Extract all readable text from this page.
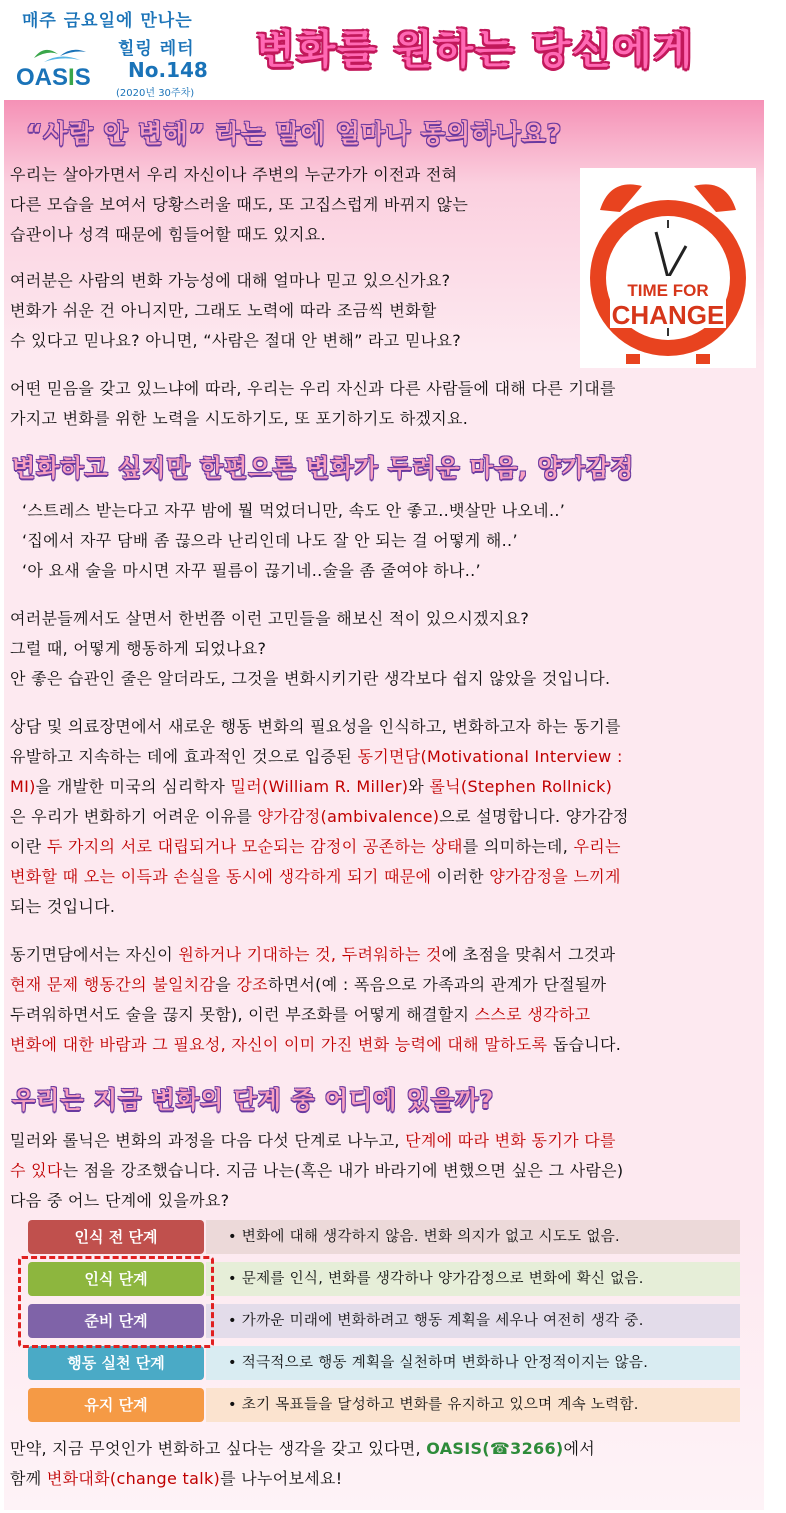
매주 금요일에 만나는
힐링 레터
OASIS No.148
(2020년 30주차)
변화를 원하는 당신에게
“사람 안 변해” 라는 말에 얼마나 동의하나요?
TIME FOR
CHANGE

우리는 살아가면서 우리 자신이나 주변의 누군가가 이전과 전혀

다른 모습을 보여서 당황스러울 때도, 또 고집스럽게 바뀌지 않는

습관이나 성격 때문에 힘들어할 때도 있지요.

여러분은 사람의 변화 가능성에 대해 얼마나 믿고 있으신가요?

변화가 쉬운 건 아니지만, 그래도 노력에 따라 조금씩 변화할

수 있다고 믿나요? 아니면, “사람은 절대 안 변해” 라고 믿나요?

어떤 믿음을 갖고 있느냐에 따라, 우리는 우리 자신과 다른 사람들에 대해 다른 기대를

가지고 변화를 위한 노력을 시도하기도, 또 포기하기도 하겠지요.

변화하고 싶지만 한편으론 변화가 두려운 마음, 양가감정

‘스트레스 받는다고 자꾸 밤에 뭘 먹었더니만, 속도 안 좋고..뱃살만 나오네..’

‘집에서 자꾸 담배 좀 끊으라 난리인데 나도 잘 안 되는 걸 어떻게 해..’

‘아 요새 술을 마시면 자꾸 필름이 끊기네..술을 좀 줄여야 하나..’

여러분들께서도 살면서 한번쯤 이런 고민들을 해보신 적이 있으시겠지요?

그럴 때, 어떻게 행동하게 되었나요?

안 좋은 습관인 줄은 알더라도, 그것을 변화시키기란 생각보다 쉽지 않았을 것입니다.

상담 및 의료장면에서 새로운 행동 변화의 필요성을 인식하고, 변화하고자 하는 동기를

유발하고 지속하는 데에 효과적인 것으로 입증된 동기면담(Motivational Interview :

MI)을 개발한 미국의 심리학자 밀러(William R. Miller)와 롤닉(Stephen Rollnick)

은 우리가 변화하기 어려운 이유를 양가감정(ambivalence)으로 설명합니다. 양가감정

이란 두 가지의 서로 대립되거나 모순되는 감정이 공존하는 상태를 의미하는데, 우리는

변화할 때 오는 이득과 손실을 동시에 생각하게 되기 때문에 이러한 양가감정을 느끼게

되는 것입니다.

동기면담에서는 자신이 원하거나 기대하는 것, 두려워하는 것에 초점을 맞춰서 그것과

현재 문제 행동간의 불일치감을 강조하면서(예 : 폭음으로 가족과의 관계가 단절될까

두려워하면서도 술을 끊지 못함), 이런 부조화를 어떻게 해결할지 스스로 생각하고

변화에 대한 바람과 그 필요성, 자신이 이미 가진 변화 능력에 대해 말하도록 돕습니다.

우리는 지금 변화의 단계 중 어디에 있을까?

밀러와 롤닉은 변화의 과정을 다음 다섯 단계로 나누고, 단계에 따라 변화 동기가 다를

수 있다는 점을 강조했습니다. 지금 나는(혹은 내가 바라기에 변했으면 싶은 그 사람은)

다음 중 어느 단계에 있을까요?

인식 전 단계	• 변화에 대해 생각하지 않음. 변화 의지가 없고 시도도 없음.
인식 단계	• 문제를 인식, 변화를 생각하나 양가감정으로 변화에 확신 없음.
준비 단계	• 가까운 미래에 변화하려고 행동 계획을 세우나 여전히 생각 중.
행동 실천 단계	• 적극적으로 행동 계획을 실천하며 변화하나 안정적이지는 않음.
유지 단계	• 초기 목표들을 달성하고 변화를 유지하고 있으며 계속 노력함.

만약, 지금 무엇인가 변화하고 싶다는 생각을 갖고 있다면, OASIS(☎3266)에서

함께 변화대화(change talk)를 나누어보세요!
